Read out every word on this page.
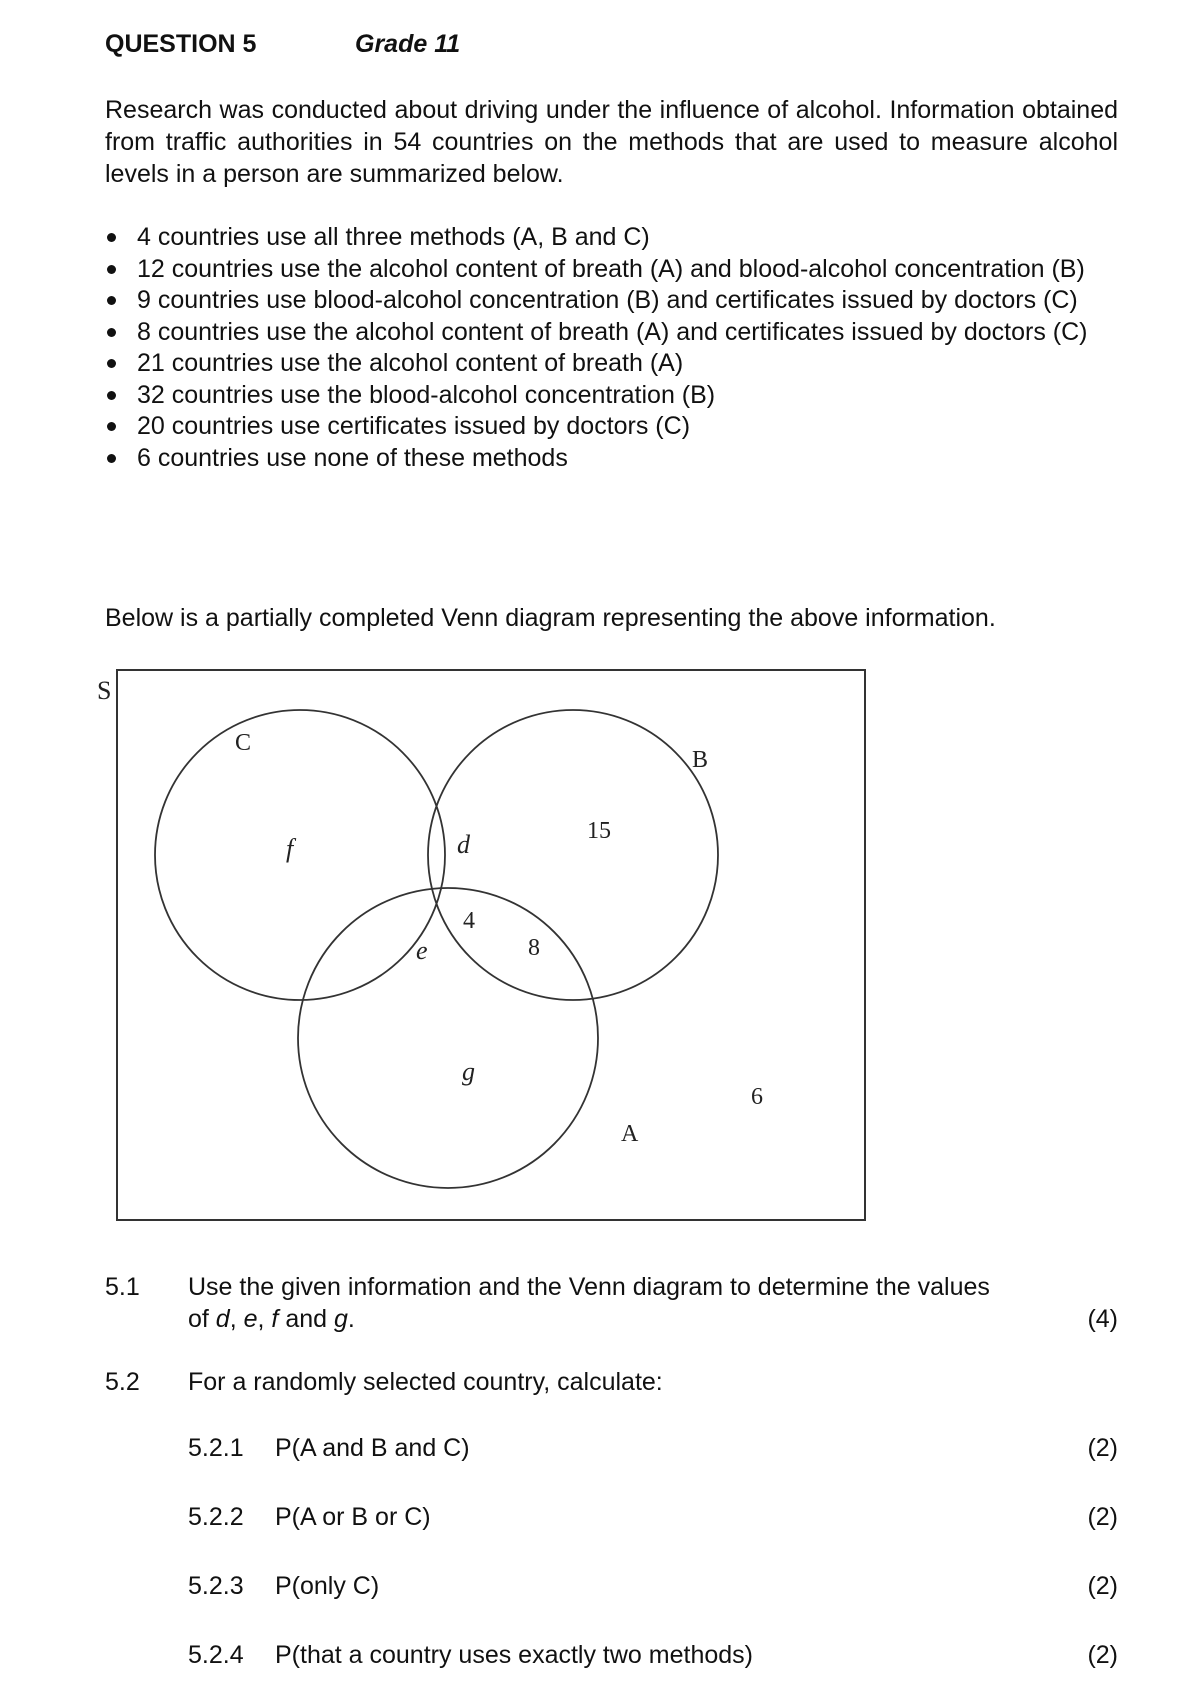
QUESTION 5	Grade 11
Research was conducted about driving under the influence of alcohol. Information obtained from traffic authorities in 54 countries on the methods that are used to measure alcohol levels in a person are summarized below.
4 countries use all three methods (A, B and C)
12 countries use the alcohol content of breath (A) and blood-alcohol concentration (B)
9 countries use blood-alcohol concentration (B) and certificates issued by doctors (C)
8 countries use the alcohol content of breath (A) and certificates issued by doctors (C)
21 countries use the alcohol content of breath (A)
32 countries use the blood-alcohol concentration (B)
20 countries use certificates issued by doctors (C)
6 countries use none of these methods
Below is a partially completed Venn diagram representing the above information.
S
C
B
A
f	d	15
4
e	8
g
6
5.1 Use the given information and the Venn diagram to determine the values
of d, e, f and g.	(4)
5.2 For a randomly selected country, calculate:
5.2.1 P(A and B and C)	(2)
5.2.2 P(A or B or C)	(2)
5.2.3 P(only C)	(2)
5.2.4 P(that a country uses exactly two methods)	(2)
